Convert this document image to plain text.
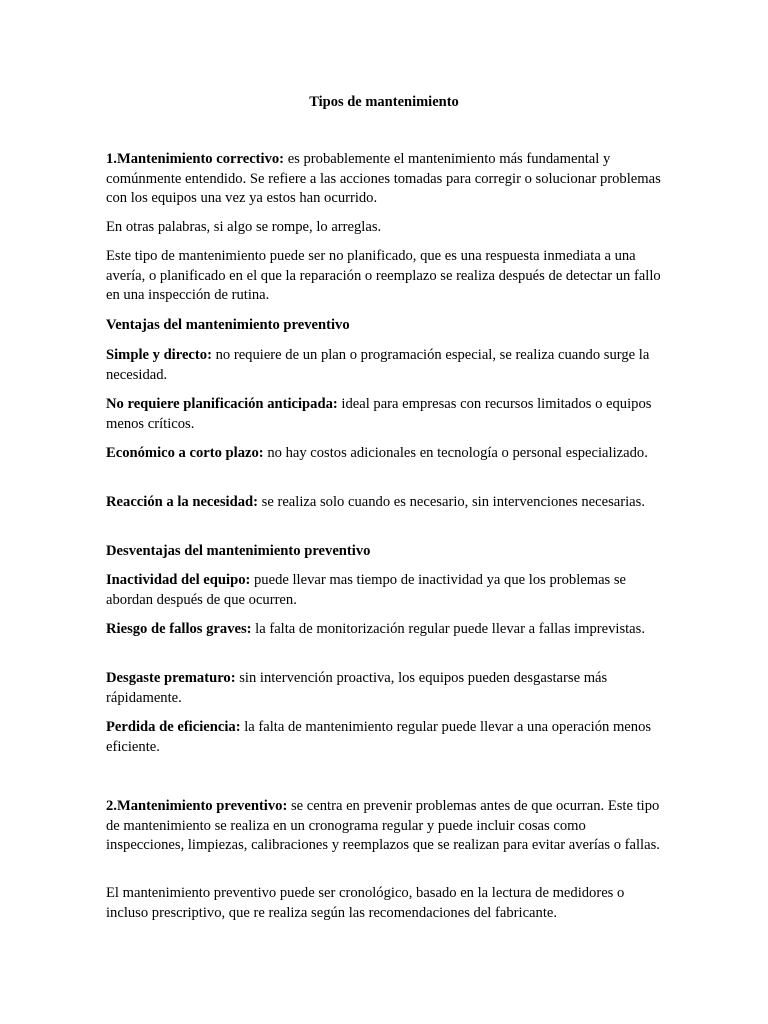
Tipos de mantenimiento

1.Mantenimiento correctivo: es probablemente el mantenimiento más fundamental y comúnmente entendido. Se refiere a las acciones tomadas para corregir o solucionar problemas con los equipos una vez ya estos han ocurrido.

En otras palabras, si algo se rompe, lo arreglas.

Este tipo de mantenimiento puede ser no planificado, que es una respuesta inmediata a una avería, o planificado en el que la reparación o reemplazo se realiza después de detectar un fallo en una inspección de rutina.

Ventajas del mantenimiento preventivo

Simple y directo: no requiere de un plan o programación especial, se realiza cuando surge la necesidad.

No requiere planificación anticipada: ideal para empresas con recursos limitados o equipos menos críticos.

Económico a corto plazo: no hay costos adicionales en tecnología o personal especializado.

Reacción a la necesidad: se realiza solo cuando es necesario, sin intervenciones necesarias.

Desventajas del mantenimiento preventivo

Inactividad del equipo: puede llevar mas tiempo de inactividad ya que los problemas se abordan después de que ocurren.

Riesgo de fallos graves: la falta de monitorización regular puede llevar a fallas imprevistas.

Desgaste prematuro: sin intervención proactiva, los equipos pueden desgastarse más rápidamente.

Perdida de eficiencia: la falta de mantenimiento regular puede llevar a una operación menos eficiente.

2.Mantenimiento preventivo: se centra en prevenir problemas antes de que ocurran. Este tipo de mantenimiento se realiza en un cronograma regular y puede incluir cosas como inspecciones, limpiezas, calibraciones y reemplazos que se realizan para evitar averías o fallas.

El mantenimiento preventivo puede ser cronológico, basado en la lectura de medidores o incluso prescriptivo, que re realiza según las recomendaciones del fabricante.
